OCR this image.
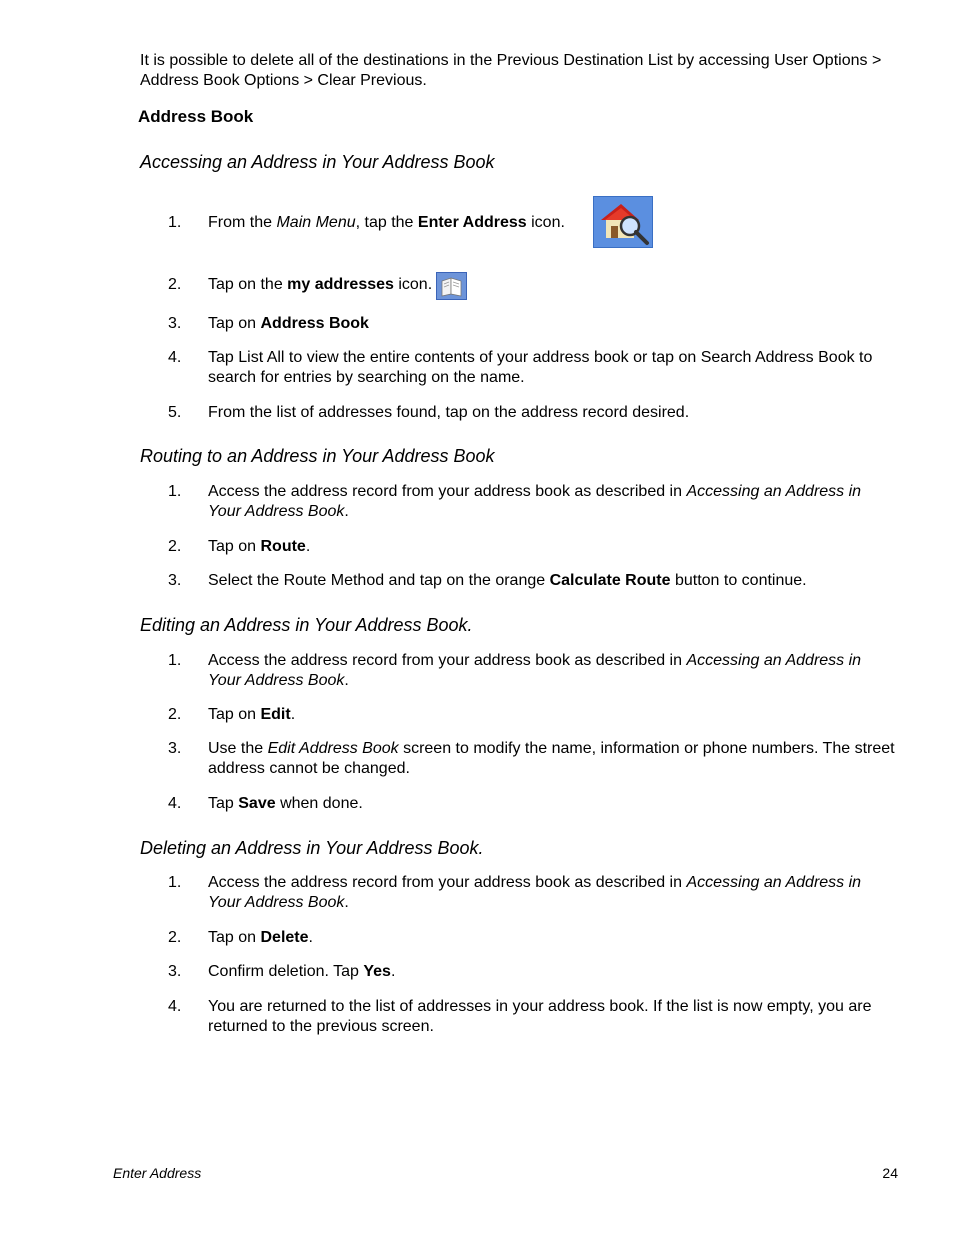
It is possible to delete all of the destinations in the Previous Destination List by accessing User Options > Address Book Options > Clear Previous.
Address Book
Accessing an Address in Your Address Book
1.	From the Main Menu, tap the Enter Address icon.
2.	Tap on the my addresses icon.
3.	Tap on Address Book
4.	Tap List All to view the entire contents of your address book or tap on Search Address Book to search for entries by searching on the name.
5.	From the list of addresses found, tap on the address record desired.
Routing to an Address in Your Address Book
1.	Access the address record from your address book as described in Accessing an Address in Your Address Book.
2.	Tap on Route.
3.	Select the Route Method and tap on the orange Calculate Route button to continue.
Editing an Address in Your Address Book.
1.	Access the address record from your address book as described in Accessing an Address in Your Address Book.
2.	Tap on Edit.
3.	Use the Edit Address Book screen to modify the name, information or phone numbers. The street address cannot be changed.
4.	Tap Save when done.
Deleting an Address in Your Address Book.
1.	Access the address record from your address book as described in Accessing an Address in Your Address Book.
2.	Tap on Delete.
3.	Confirm deletion. Tap Yes.
4.	You are returned to the list of addresses in your address book. If the list is now empty, you are returned to the previous screen.
Enter Address	24
